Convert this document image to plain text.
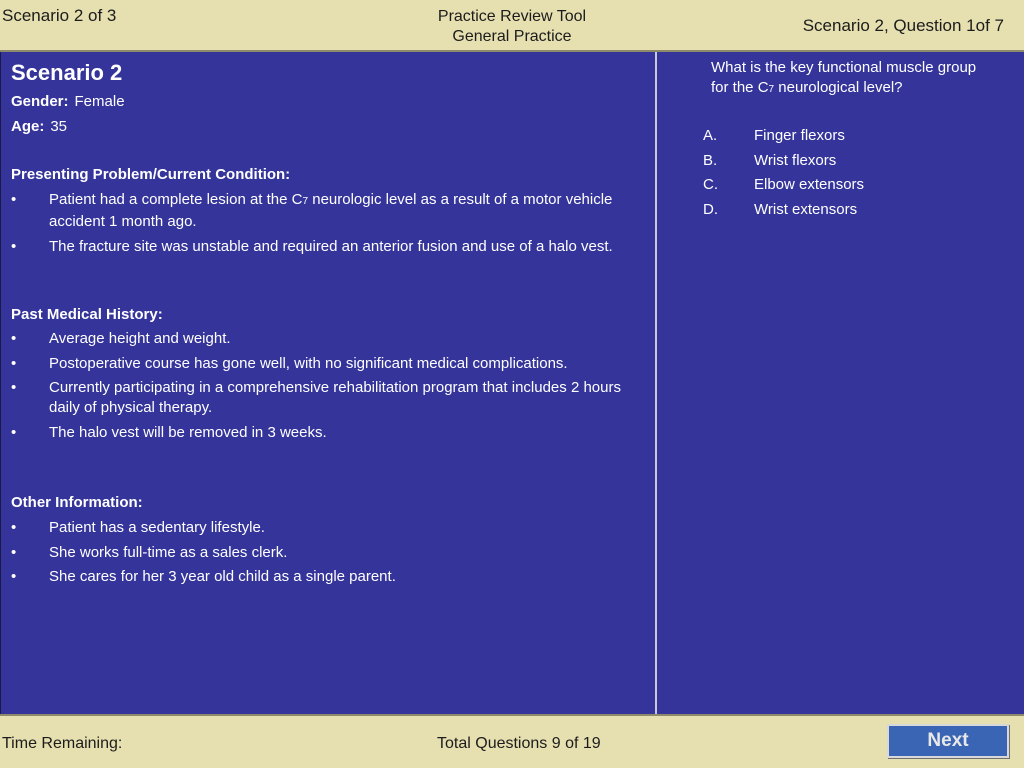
Scenario 2 of 3	Practice Review Tool
General Practice
Scenario 2, Question 1of 7
Scenario 2
Gender: Female
Age: 35
Presenting Problem/Current Condition:
• Patient had a complete lesion at the C7 neurologic level as a result of a motor vehicle accident 1 month ago.
• The fracture site was unstable and required an anterior fusion and use of a halo vest.
Past Medical History:
• Average height and weight.
• Postoperative course has gone well, with no significant medical complications.
• Currently participating in a comprehensive rehabilitation program that includes 2 hours daily of physical therapy.
• The halo vest will be removed in 3 weeks.
Other Information:
• Patient has a sedentary lifestyle.
• She works full-time as a sales clerk.
• She cares for her 3 year old child as a single parent.
What is the key functional muscle group
for the C7 neurological level?
A. Finger flexors
B. Wrist flexors
C. Elbow extensors
D. Wrist extensors
Time Remaining:	Total Questions 9 of 19	Next
